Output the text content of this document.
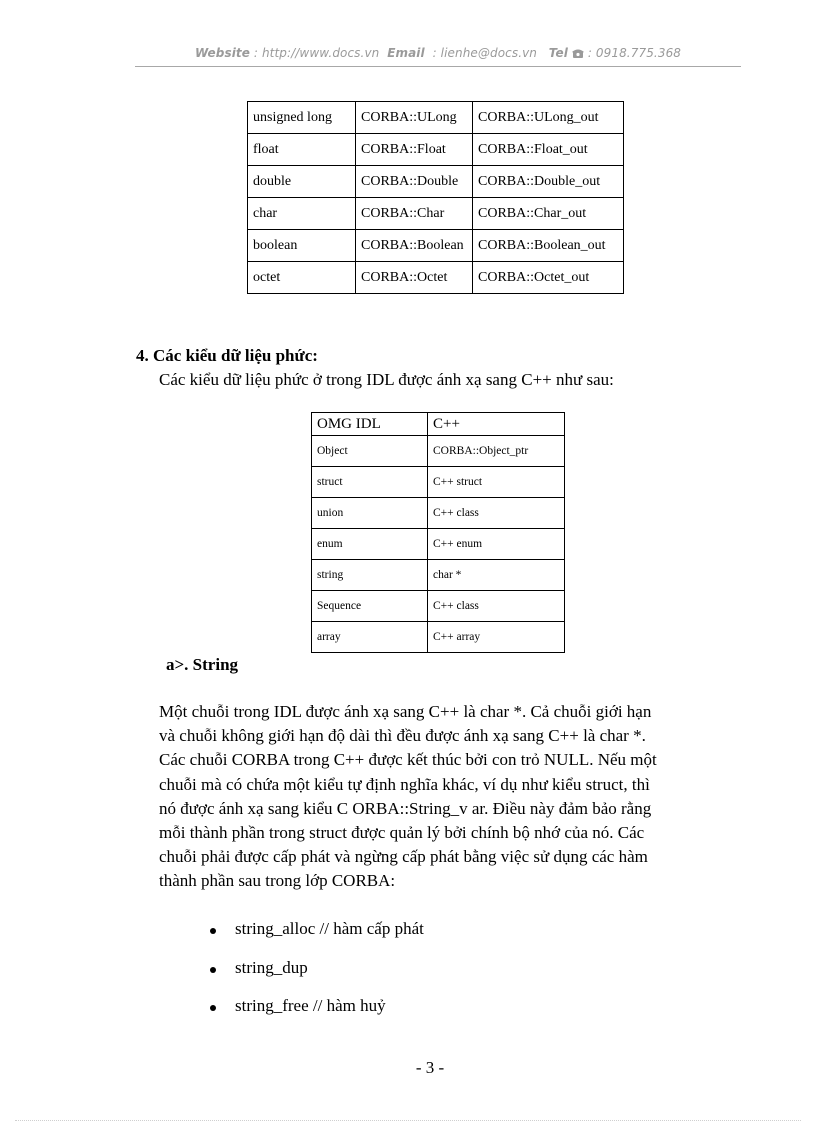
Website : http://www.docs.vn Email : lienhe@docs.vn Tel : 0918.775.368
unsigned long	CORBA::ULong	CORBA::ULong_out
float	CORBA::Float	CORBA::Float_out
double	CORBA::Double	CORBA::Double_out
char	CORBA::Char	CORBA::Char_out
boolean	CORBA::Boolean	CORBA::Boolean_out
octet	CORBA::Octet	CORBA::Octet_out
4. Các kiểu dữ liệu phức:
Các kiểu dữ liệu phức ở trong IDL được ánh xạ sang C++ như sau:
OMG IDL	C++
Object	CORBA::Object_ptr
struct	C++ struct
union	C++ class
enum	C++ enum
string	char *
Sequence	C++ class
array	C++ array
a>. String

Một chuỗi trong IDL được ánh xạ sang C++ là char *. Cả chuỗi giới hạn
và chuỗi không giới hạn độ dài thì đều được ánh xạ sang C++ là char *.
Các chuỗi CORBA trong C++ được kết thúc bởi con trỏ NULL. Nếu một
chuỗi mà có chứa một kiểu tự định nghĩa khác, ví dụ như kiểu struct, thì
nó được ánh xạ sang kiểu C ORBA::String_v ar. Điều này đảm bảo rằng
mỗi thành phần trong struct được quản lý bởi chính bộ nhớ của nó. Các
chuỗi phải được cấp phát và ngừng cấp phát bằng việc sử dụng các hàm
thành phần sau trong lớp CORBA:

string_alloc // hàm cấp phát
string_dup
string_free // hàm huỷ
- 3 -
